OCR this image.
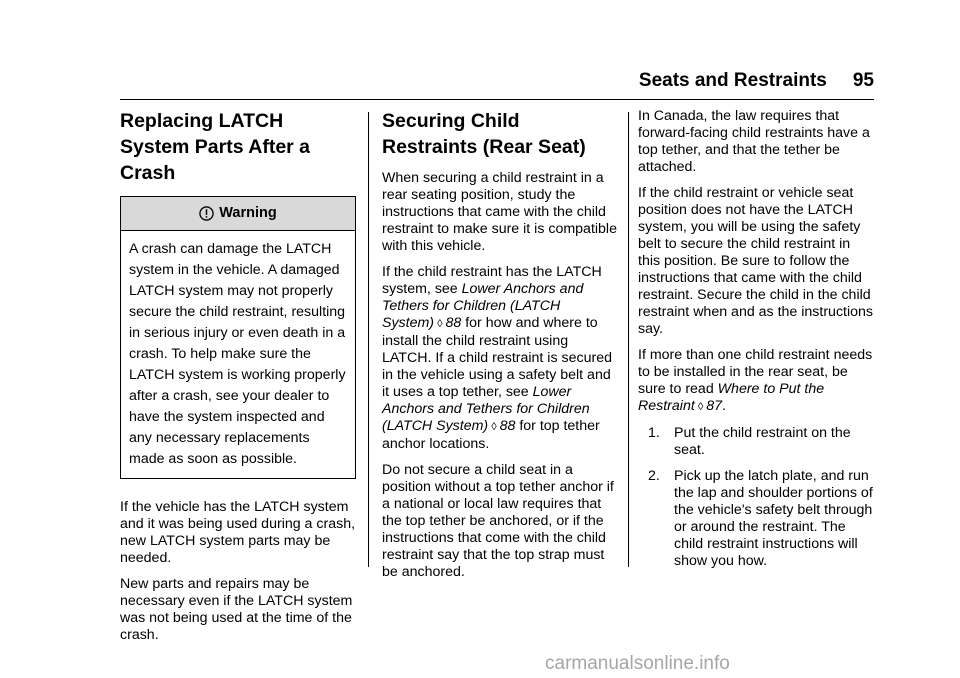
Seats and Restraints 95
Replacing LATCH System Parts After a Crash
Warning
A crash can damage the LATCH system in the vehicle. A damaged LATCH system may not properly secure the child restraint, resulting in serious injury or even death in a crash. To help make sure the LATCH system is working properly after a crash, see your dealer to have the system inspected and any necessary replacements made as soon as possible.

If the vehicle has the LATCH system and it was being used during a crash, new LATCH system parts may be needed.

New parts and repairs may be necessary even if the LATCH system was not being used at the time of the crash.

Securing Child Restraints (Rear Seat)

When securing a child restraint in a rear seating position, study the instructions that came with the child restraint to make sure it is compatible with this vehicle.

If the child restraint has the LATCH system, see Lower Anchors and Tethers for Children (LATCH System) ◊ 88 for how and where to install the child restraint using LATCH. If a child restraint is secured in the vehicle using a safety belt and it uses a top tether, see Lower Anchors and Tethers for Children (LATCH System) ◊ 88 for top tether anchor locations.

Do not secure a child seat in a position without a top tether anchor if a national or local law requires that the top tether be anchored, or if the instructions that come with the child restraint say that the top strap must be anchored.

In Canada, the law requires that forward-facing child restraints have a top tether, and that the tether be attached.

If the child restraint or vehicle seat position does not have the LATCH system, you will be using the safety belt to secure the child restraint in this position. Be sure to follow the instructions that came with the child restraint. Secure the child in the child restraint when and as the instructions say.

If more than one child restraint needs to be installed in the rear seat, be sure to read Where to Put the Restraint ◊ 87.

1. Put the child restraint on the seat.
2. Pick up the latch plate, and run the lap and shoulder portions of the vehicle's safety belt through or around the restraint. The child restraint instructions will show you how.
carmanualsonline.info
